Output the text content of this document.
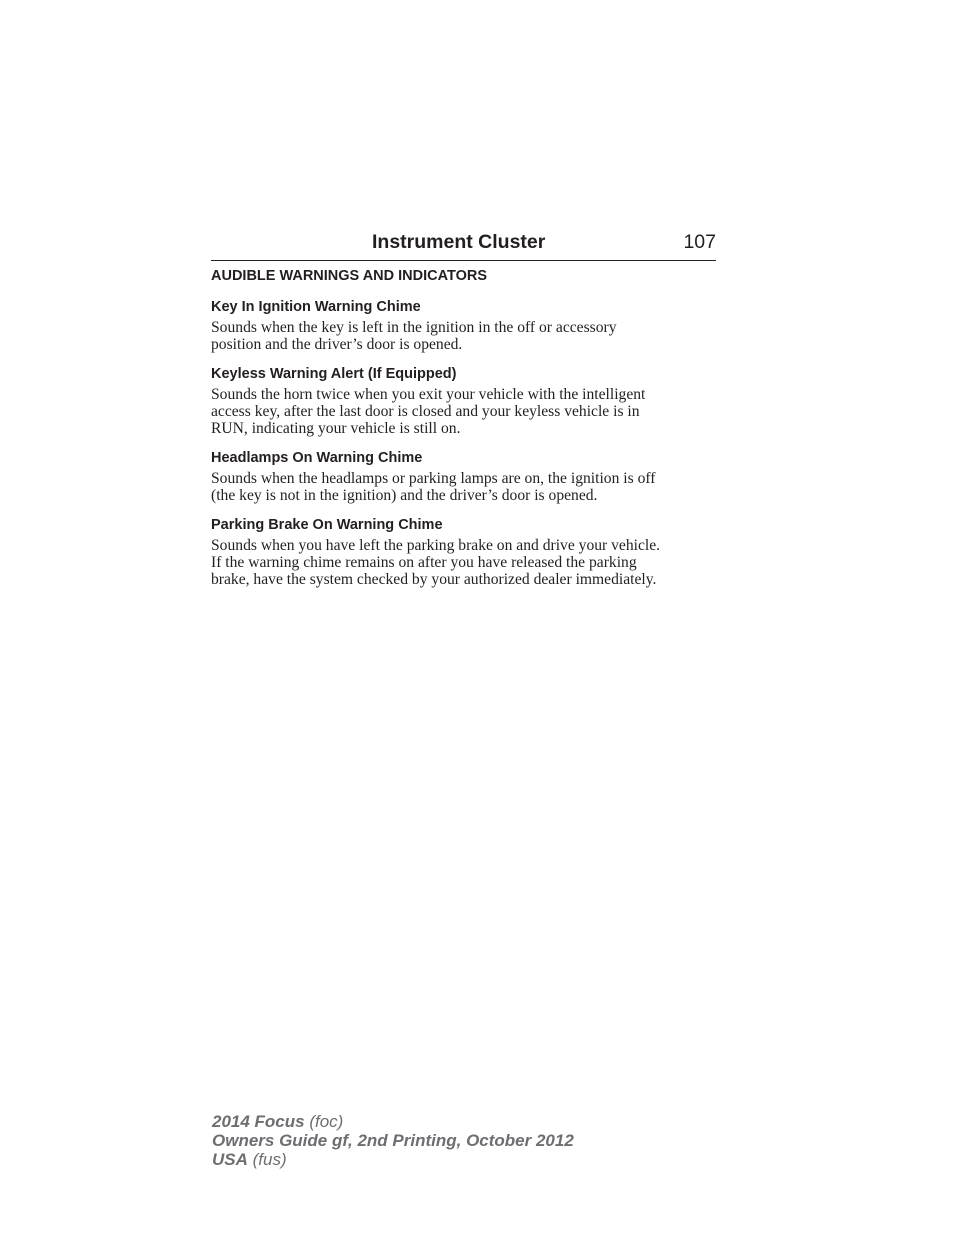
Instrument Cluster	107
AUDIBLE WARNINGS AND INDICATORS
Key In Ignition Warning Chime
Sounds when the key is left in the ignition in the off or accessory
position and the driver’s door is opened.
Keyless Warning Alert (If Equipped)
Sounds the horn twice when you exit your vehicle with the intelligent
access key, after the last door is closed and your keyless vehicle is in
RUN, indicating your vehicle is still on.
Headlamps On Warning Chime
Sounds when the headlamps or parking lamps are on, the ignition is off
(the key is not in the ignition) and the driver’s door is opened.
Parking Brake On Warning Chime
Sounds when you have left the parking brake on and drive your vehicle.
If the warning chime remains on after you have released the parking
brake, have the system checked by your authorized dealer immediately.
2014 Focus (foc)
Owners Guide gf, 2nd Printing, October 2012
USA (fus)
